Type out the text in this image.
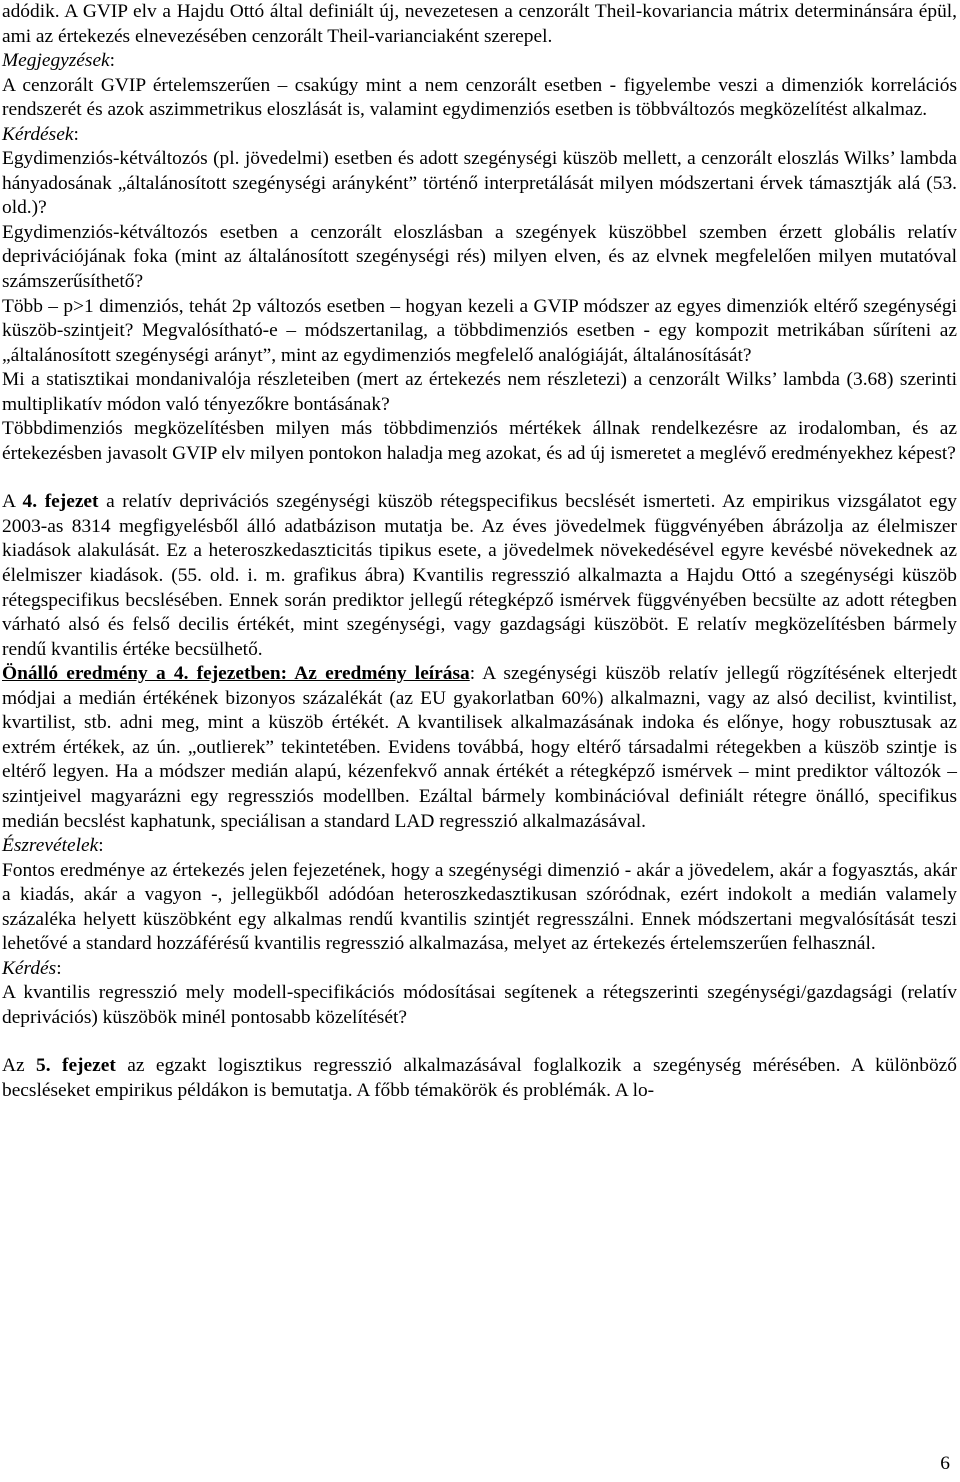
adódik. A GVIP elv a Hajdu Ottó által definiált új, nevezetesen a cenzorált Theil-kovariancia mátrix determinánsára épül, ami az értekezés elnevezésében cenzorált Theil-varianciaként szerepel.

Megjegyzések:

A cenzorált GVIP értelemszerűen – csakúgy mint a nem cenzorált esetben - figyelembe veszi a dimenziók korrelációs rendszerét és azok aszimmetrikus eloszlását is, valamint egydimenziós esetben is többváltozós megközelítést alkalmaz.

Kérdések:

Egydimenziós-kétváltozós (pl. jövedelmi) esetben és adott szegénységi küszöb mellett, a cenzorált eloszlás Wilks’ lambda hányadosának „általánosított szegénységi arányként” történő interpretálását milyen módszertani érvek támasztják alá (53. old.)?

Egydimenziós-kétváltozós esetben a cenzorált eloszlásban a szegények küszöbbel szemben érzett globális relatív deprivációjának foka (mint az általánosított szegénységi rés) milyen elven, és az elvnek megfelelően milyen mutatóval számszerűsíthető?

Több – p>1 dimenziós, tehát 2p változós esetben – hogyan kezeli a GVIP módszer az egyes dimenziók eltérő szegénységi küszöb-szintjeit? Megvalósítható-e – módszertanilag, a többdimenziós esetben - egy kompozit metrikában sűríteni az „általánosított szegénységi arányt”, mint az egydimenziós megfelelő analógiáját, általánosítását?

Mi a statisztikai mondanivalója részleteiben (mert az értekezés nem részletezi) a cenzorált Wilks’ lambda (3.68) szerinti multiplikatív módon való tényezőkre bontásának?

Többdimenziós megközelítésben milyen más többdimenziós mértékek állnak rendelkezésre az irodalomban, és az értekezésben javasolt GVIP elv milyen pontokon haladja meg azokat, és ad új ismeretet a meglévő eredményekhez képest?

A 4. fejezet a relatív deprivációs szegénységi küszöb rétegspecifikus becslését ismerteti. Az empirikus vizsgálatot egy 2003-as 8314 megfigyelésből álló adatbázison mutatja be. Az éves jövedelmek függvényében ábrázolja az élelmiszer kiadások alakulását. Ez a heteroszkedaszticitás tipikus esete, a jövedelmek növekedésével egyre kevésbé növekednek az élelmiszer kiadások. (55. old. i. m. grafikus ábra) Kvantilis regresszió alkalmazta a Hajdu Ottó a szegénységi küszöb rétegspecifikus becslésében. Ennek során prediktor jellegű rétegképző ismérvek függvényében becsülte az adott rétegben várható alsó és felső decilis értékét, mint szegénységi, vagy gazdagsági küszöböt. E relatív megközelítésben bármely rendű kvantilis értéke becsülhető.

Önálló eredmény a 4. fejezetben: Az eredmény leírása: A szegénységi küszöb relatív jellegű rögzítésének elterjedt módjai a medián értékének bizonyos százalékát (az EU gyakorlatban 60%) alkalmazni, vagy az alsó decilist, kvintilist, kvartilist, stb. adni meg, mint a küszöb értékét. A kvantilisek alkalmazásának indoka és előnye, hogy robusztusak az extrém értékek, az ún. „outlierek” tekintetében. Evidens továbbá, hogy eltérő társadalmi rétegekben a küszöb szintje is eltérő legyen. Ha a módszer medián alapú, kézenfekvő annak értékét a rétegképző ismérvek – mint prediktor változók – szintjeivel magyarázni egy regressziós modellben. Ezáltal bármely kombinációval definiált rétegre önálló, specifikus medián becslést kaphatunk, speciálisan a standard LAD regresszió alkalmazásával.

Észrevételek:

Fontos eredménye az értekezés jelen fejezetének, hogy a szegénységi dimenzió - akár a jövedelem, akár a fogyasztás, akár a kiadás, akár a vagyon -, jellegükből adódóan heteroszkedasztikusan szóródnak, ezért indokolt a medián valamely százaléka helyett küszöbként egy alkalmas rendű kvantilis szintjét regresszálni. Ennek módszertani megvalósítását teszi lehetővé a standard hozzáférésű kvantilis regresszió alkalmazása, melyet az értekezés értelemszerűen felhasznál.

Kérdés:

A kvantilis regresszió mely modell-specifikációs módosításai segítenek a rétegszerinti szegénységi/gazdagsági (relatív deprivációs) küszöbök minél pontosabb közelítését?

Az 5. fejezet az egzakt logisztikus regresszió alkalmazásával foglalkozik a szegénység mérésében. A különböző becsléseket empirikus példákon is bemutatja. A főbb témakörök és problémák. A lo-

6
